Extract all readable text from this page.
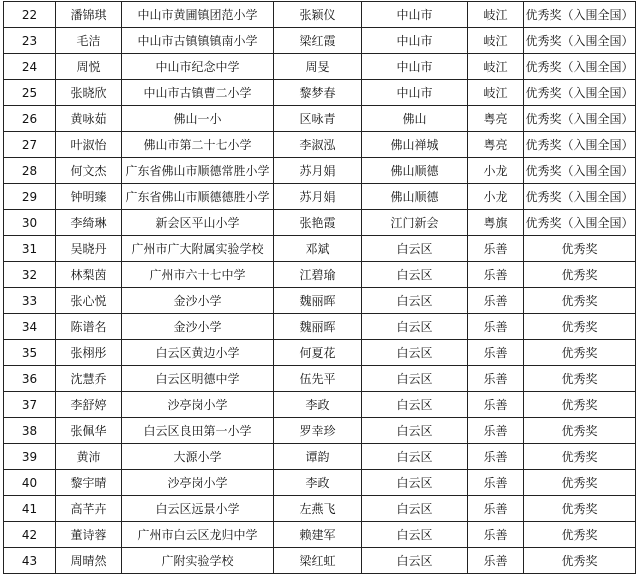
22	潘锦琪	中山市黄圃镇团范小学	张颖仪	中山市	岐江	优秀奖（入围全国）
23	毛洁	中山市古镇镇镇南小学	梁红霞	中山市	岐江	优秀奖（入围全国）
24	周悦	中山市纪念中学	周旻	中山市	岐江	优秀奖（入围全国）
25	张晓欣	中山市古镇曹二小学	黎梦春	中山市	岐江	优秀奖（入围全国）
26	黄咏茹	佛山一小	区咏青	佛山	粤亮	优秀奖（入围全国）
27	叶淑怡	佛山市第二十七小学	李淑泓	佛山禅城	粤亮	优秀奖（入围全国）
28	何文杰	广东省佛山市顺德常胜小学	苏月娟	佛山顺德	小龙	优秀奖（入围全国）
29	钟明臻	广东省佛山市顺德德胜小学	苏月娟	佛山顺德	小龙	优秀奖（入围全国）
30	李绮琳	新会区平山小学	张艳霞	江门新会	粤旗	优秀奖（入围全国）
31	吴晓丹	广州市广大附属实验学校	邓斌	白云区	乐善	优秀奖
32	林梨茵	广州市六十七中学	江碧瑜	白云区	乐善	优秀奖
33	张心悦	金沙小学	魏丽晖	白云区	乐善	优秀奖
34	陈谱名	金沙小学	魏丽晖	白云区	乐善	优秀奖
35	张栩彤	白云区黄边小学	何夏花	白云区	乐善	优秀奖
36	沈慧乔	白云区明德中学	伍先平	白云区	乐善	优秀奖
37	李舒婷	沙亭岗小学	李政	白云区	乐善	优秀奖
38	张佩华	白云区良田第一小学	罗幸珍	白云区	乐善	优秀奖
39	黄沛	大源小学	谭韵	白云区	乐善	优秀奖
40	黎宇晴	沙亭岗小学	李政	白云区	乐善	优秀奖
41	高芊卉	白云区远景小学	左燕飞	白云区	乐善	优秀奖
42	董诗蓉	广州市白云区龙归中学	赖建军	白云区	乐善	优秀奖
43	周晴然	广附实验学校	梁红虹	白云区	乐善	优秀奖
